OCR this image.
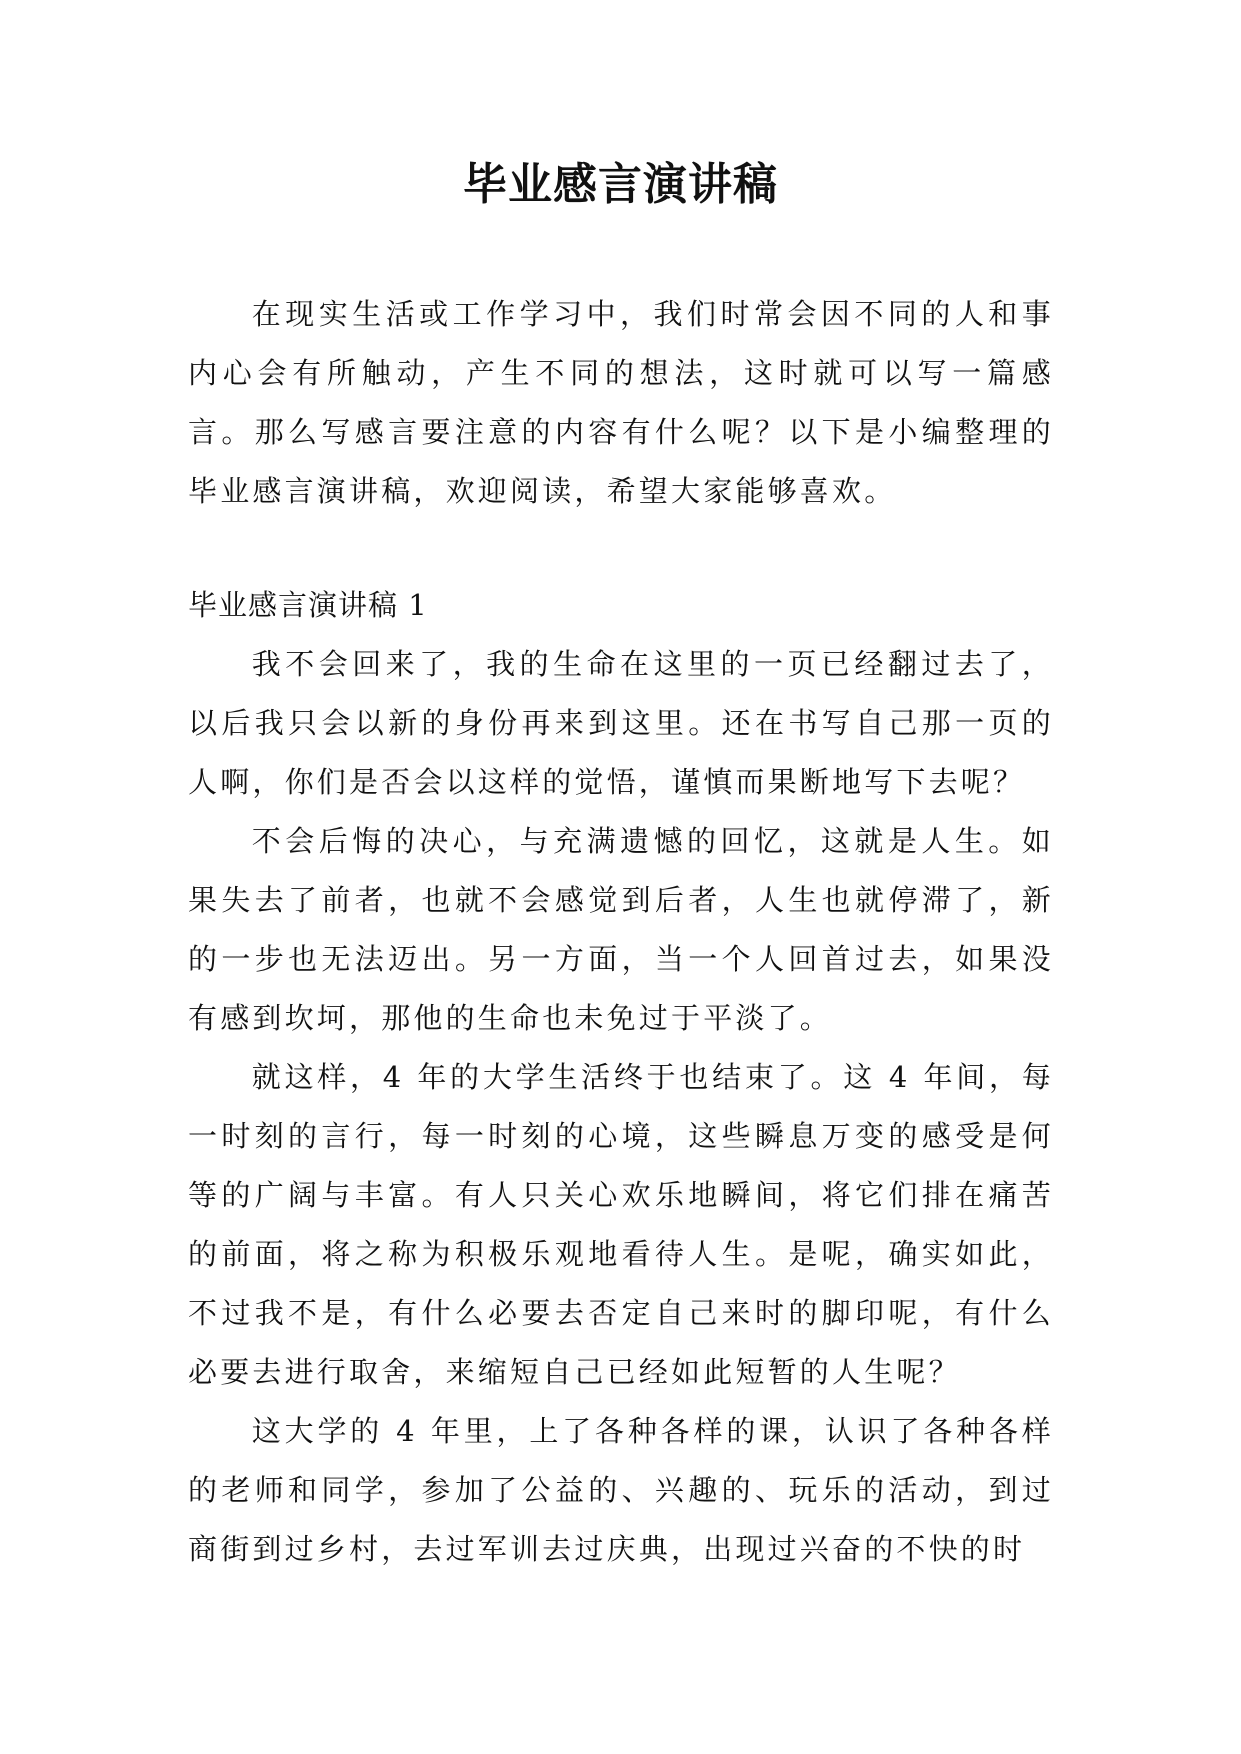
毕业感言演讲稿

在现实生活或工作学习中，我们时常会因不同的人和事内心会有所触动，产生不同的想法，这时就可以写一篇感言。那么写感言要注意的内容有什么呢？以下是小编整理的毕业感言演讲稿，欢迎阅读，希望大家能够喜欢。

毕业感言演讲稿 1

我不会回来了，我的生命在这里的一页已经翻过去了，以后我只会以新的身份再来到这里。还在书写自己那一页的人啊，你们是否会以这样的觉悟，谨慎而果断地写下去呢？

不会后悔的决心，与充满遗憾的回忆，这就是人生。如果失去了前者，也就不会感觉到后者，人生也就停滞了，新的一步也无法迈出。另一方面，当一个人回首过去，如果没有感到坎坷，那他的生命也未免过于平淡了。

就这样，4 年的大学生活终于也结束了。这 4 年间，每一时刻的言行，每一时刻的心境，这些瞬息万变的感受是何等的广阔与丰富。有人只关心欢乐地瞬间，将它们排在痛苦的前面，将之称为积极乐观地看待人生。是呢，确实如此，不过我不是，有什么必要去否定自己来时的脚印呢，有什么必要去进行取舍，来缩短自己已经如此短暂的人生呢？

这大学的 4 年里，上了各种各样的课，认识了各种各样的老师和同学，参加了公益的、兴趣的、玩乐的活动，到过商街到过乡村，去过军训去过庆典，出现过兴奋的不快的时
